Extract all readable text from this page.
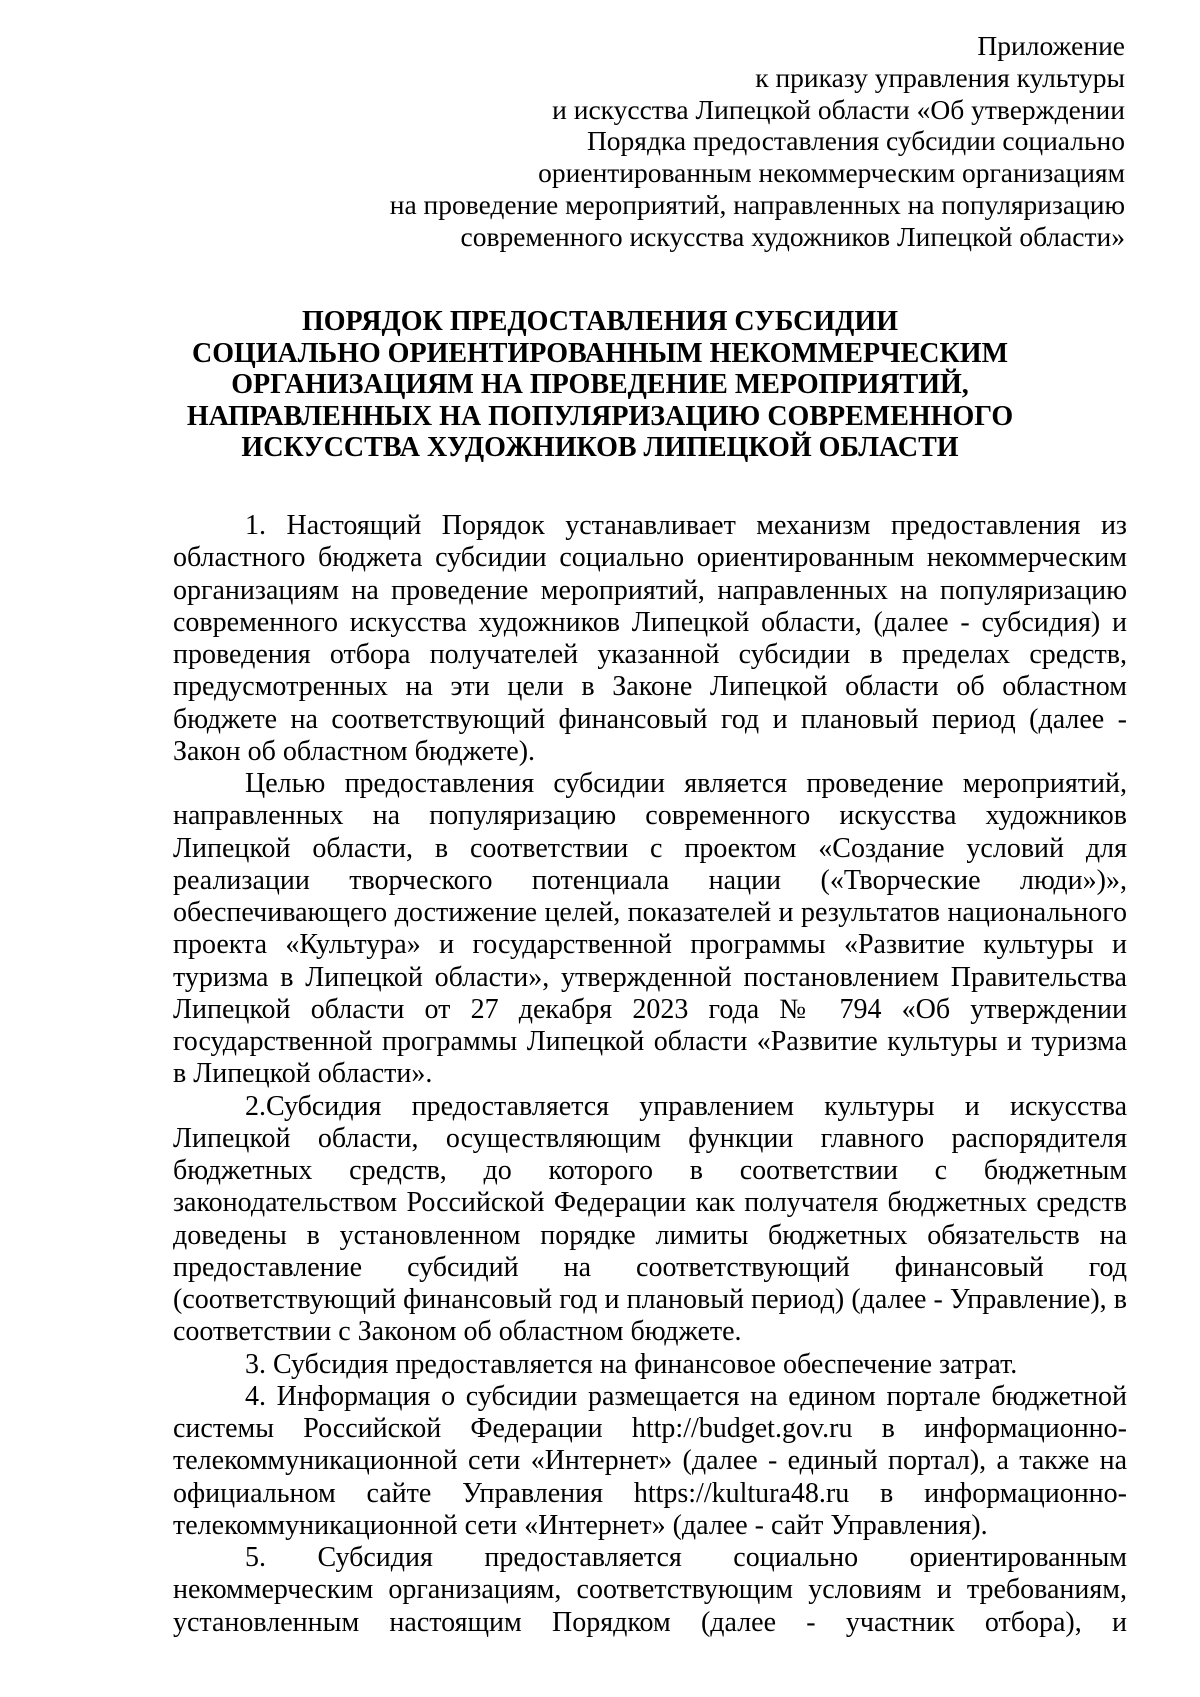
Приложение
к приказу управления культуры
и искусства Липецкой области «Об утверждении
Порядка предоставления субсидии социально
ориентированным некоммерческим организациям
на проведение мероприятий, направленных на популяризацию
современного искусства художников Липецкой области»
ПОРЯДОК ПРЕДОСТАВЛЕНИЯ СУБСИДИИ
СОЦИАЛЬНО ОРИЕНТИРОВАННЫМ НЕКОММЕРЧЕСКИМ
ОРГАНИЗАЦИЯМ НА ПРОВЕДЕНИЕ МЕРОПРИЯТИЙ,
НАПРАВЛЕННЫХ НА ПОПУЛЯРИЗАЦИЮ СОВРЕМЕННОГО
ИСКУССТВА ХУДОЖНИКОВ ЛИПЕЦКОЙ ОБЛАСТИ

1. Настоящий Порядок устанавливает механизм предоставления из областного бюджета субсидии социально ориентированным некоммерческим организациям на проведение мероприятий, направленных на популяризацию современного искусства художников Липецкой области, (далее - субсидия) и проведения отбора получателей указанной субсидии в пределах средств, предусмотренных на эти цели в Законе Липецкой области об областном бюджете на соответствующий финансовый год и плановый период (далее - Закон об областном бюджете).

Целью предоставления субсидии является проведение мероприятий, направленных на популяризацию современного искусства художников Липецкой области, в соответствии с проектом «Создание условий для реализации творческого потенциала нации («Творческие люди»)», обеспечивающего достижение целей, показателей и результатов национального проекта «Культура» и государственной программы «Развитие культуры и туризма в Липецкой области», утвержденной постановлением Правительства Липецкой области от 27 декабря 2023 года № 794 «Об утверждении государственной программы Липецкой области «Развитие культуры и туризма в Липецкой области».

2.Субсидия предоставляется управлением культуры и искусства Липецкой области, осуществляющим функции главного распорядителя бюджетных средств, до которого в соответствии с бюджетным законодательством Российской Федерации как получателя бюджетных средств доведены в установленном порядке лимиты бюджетных обязательств на предоставление субсидий на соответствующий финансовый год (соответствующий финансовый год и плановый период) (далее - Управление), в соответствии с Законом об областном бюджете.

3. Субсидия предоставляется на финансовое обеспечение затрат.

4. Информация о субсидии размещается на едином портале бюджетной системы Российской Федерации http://budget.gov.ru в информационно-телекоммуникационной сети «Интернет» (далее - единый портал), а также на официальном сайте Управления https://kultura48.ru в информационно-телекоммуникационной сети «Интернет» (далее - сайт Управления).

5. Субсидия предоставляется социально ориентированным некоммерческим организациям, соответствующим условиям и требованиям, установленным настоящим Порядком (далее - участник отбора), и
